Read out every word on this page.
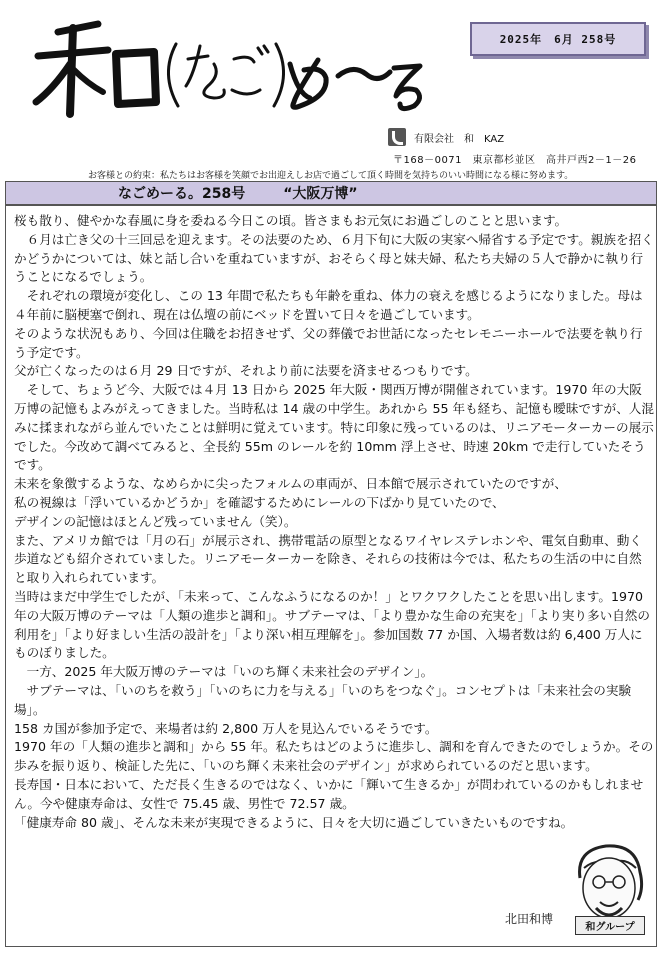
2025年　6月 258号
有限会社　和　KAZ
〒168－0071　東京都杉並区　高井戸西2－1－26
お客様との約束：私たちはお客様を笑顔でお出迎えしお店で過ごして頂く時間を気持ちのいい時間になる様に努めます。
なごめーる。258号	“大阪万博”

桜も散り、健やかな春風に身を委ねる今日この頃。皆さまもお元気にお過ごしのことと思います。

　６月は亡き父の十三回忌を迎えます。その法要のため、６月下旬に大阪の実家へ帰省する予定です。親族を招くかどうかについては、妹と話し合いを重ねていますが、おそらく母と妹夫婦、私たち夫婦の５人で静かに執り行うことになるでしょう。

　それぞれの環境が変化し、この 13 年間で私たちも年齢を重ね、体力の衰えを感じるようになりました。母は４年前に脳梗塞で倒れ、現在は仏壇の前にベッドを置いて日々を過ごしています。

そのような状況もあり、今回は住職をお招きせず、父の葬儀でお世話になったセレモニーホールで法要を執り行う予定です。

父が亡くなったのは６月 29 日ですが、それより前に法要を済ませるつもりです。

　そして、ちょうど今、大阪では４月 13 日から 2025 年大阪・関西万博が開催されています。1970 年の大阪万博の記憶もよみがえってきました。当時私は 14 歳の中学生。あれから 55 年も経ち、記憶も曖昧ですが、人混みに揉まれながら並んでいたことは鮮明に覚えています。特に印象に残っているのは、リニアモーターカーの展示でした。今改めて調べてみると、全長約 55m のレールを約 10mm 浮上させ、時速 20km で走行していたそうです。

未来を象徴するような、なめらかに尖ったフォルムの車両が、日本館で展示されていたのですが、

私の視線は「浮いているかどうか」を確認するためにレールの下ばかり見ていたので、

デザインの記憶はほとんど残っていません（笑）。

また、アメリカ館では「月の石」が展示され、携帯電話の原型となるワイヤレステレホンや、電気自動車、動く歩道なども紹介されていました。リニアモーターカーを除き、それらの技術は今では、私たちの生活の中に自然と取り入れられています。

当時はまだ中学生でしたが、「未来って、こんなふうになるのか！」とワクワクしたことを思い出します。1970 年の大阪万博のテーマは「人類の進歩と調和」。サブテーマは、「より豊かな生命の充実を」「より実り多い自然の利用を」「より好ましい生活の設計を」「より深い相互理解を」。参加国数 77 か国、入場者数は約 6,400 万人にものぼりました。

　一方、2025 年大阪万博のテーマは「いのち輝く未来社会のデザイン」。

　サブテーマは、「いのちを救う」「いのちに力を与える」「いのちをつなぐ」。コンセプトは「未来社会の実験場」。

158 カ国が参加予定で、来場者は約 2,800 万人を見込んでいるそうです。

1970 年の「人類の進歩と調和」から 55 年。私たちはどのように進歩し、調和を育んできたのでしょうか。その歩みを振り返り、検証した先に、「いのち輝く未来社会のデザイン」が求められているのだと思います。

長寿国・日本において、ただ長く生きるのではなく、いかに「輝いて生きるか」が問われているのかもしれません。今や健康寿命は、女性で 75.45 歳、男性で 72.57 歳。

「健康寿命 80 歳」、そんな未来が実現できるように、日々を大切に過ごしていきたいものですね。

北田和博
和グループ
